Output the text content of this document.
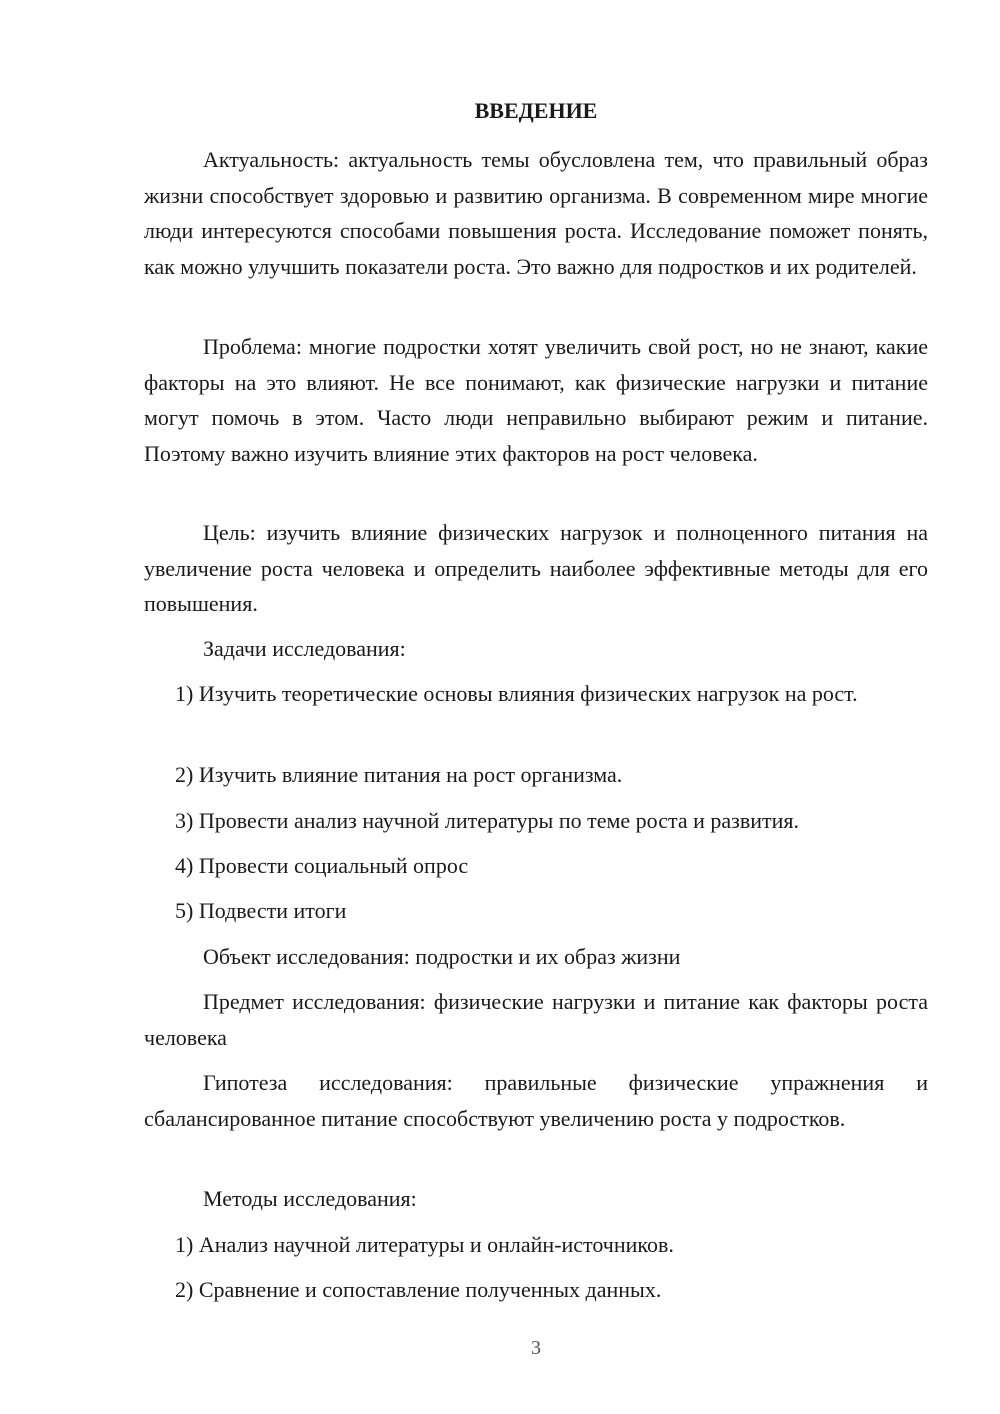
ВВЕДЕНИЕ

Актуальность: актуальность темы обусловлена тем, что правильный образ жизни способствует здоровью и развитию организма. В современном мире многие люди интересуются способами повышения роста. Исследование поможет понять, как можно улучшить показатели роста. Это важно для подростков и их родителей.

Проблема: многие подростки хотят увеличить свой рост, но не знают, какие факторы на это влияют. Не все понимают, как физические нагрузки и питание могут помочь в этом. Часто люди неправильно выбирают режим и питание. Поэтому важно изучить влияние этих факторов на рост человека.

Цель: изучить влияние физических нагрузок и полноценного питания на увеличение роста человека и определить наиболее эффективные методы для его повышения.

Задачи исследования:

1) Изучить теоретические основы влияния физических нагрузок на рост.

2) Изучить влияние питания на рост организма.

3) Провести анализ научной литературы по теме роста и развития.

4) Провести социальный опрос

5) Подвести итоги

Объект исследования: подростки и их образ жизни

Предмет исследования: физические нагрузки и питание как факторы роста человека

Гипотеза исследования: правильные физические упражнения и сбалансированное питание способствуют увеличению роста у подростков.

Методы исследования:

1) Анализ научной литературы и онлайн-источников.

2) Сравнение и сопоставление полученных данных.

3
